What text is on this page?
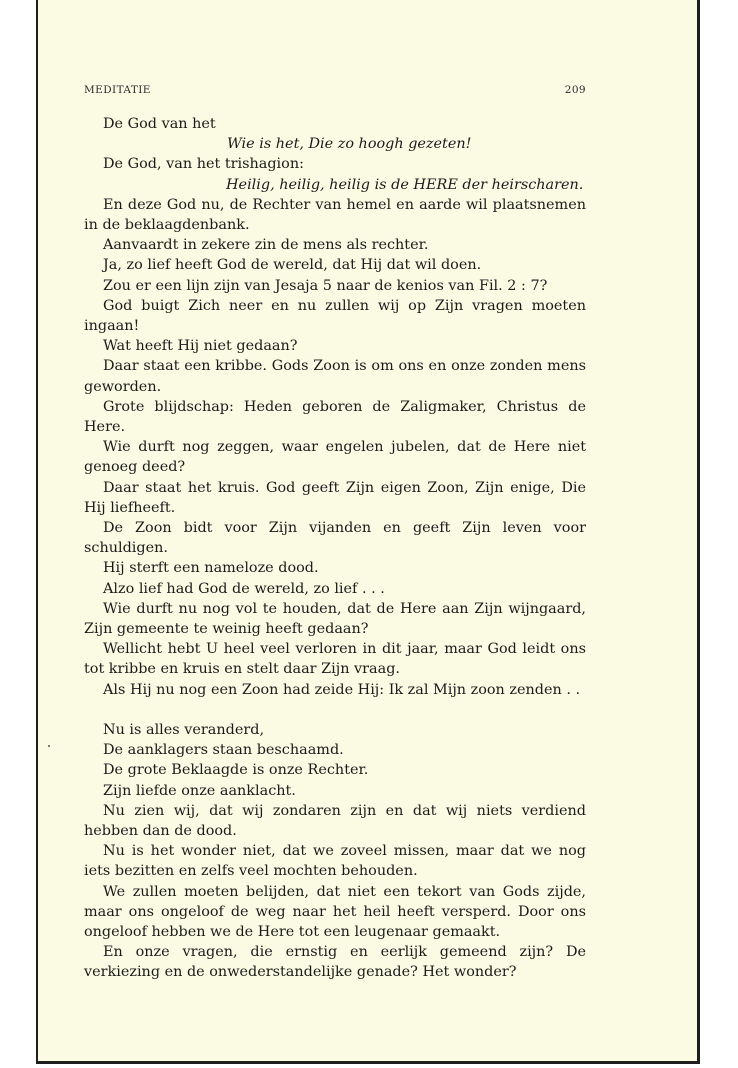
MEDITATIE	209

De God van het

Wie is het, Die zo hoogh gezeten!

De God, van het trishagion:

Heilig, heilig, heilig is de HERE der heirscharen.

En deze God nu, de Rechter van hemel en aarde wil plaatsnemen in de beklaagdenbank.

Aanvaardt in zekere zin de mens als rechter.

Ja, zo lief heeft God de wereld, dat Hij dat wil doen.

Zou er een lijn zijn van Jesaja 5 naar de kenios van Fil. 2 : 7?

God buigt Zich neer en nu zullen wij op Zijn vragen moeten ingaan!

Wat heeft Hij niet gedaan?

Daar staat een kribbe. Gods Zoon is om ons en onze zonden mens geworden.

Grote blijdschap: Heden geboren de Zaligmaker, Christus de Here.

Wie durft nog zeggen, waar engelen jubelen, dat de Here niet genoeg deed?

Daar staat het kruis. God geeft Zijn eigen Zoon, Zijn enige, Die Hij liefheeft.

De Zoon bidt voor Zijn vijanden en geeft Zijn leven voor schuldigen.

Hij sterft een nameloze dood.

Alzo lief had God de wereld, zo lief . . .

Wie durft nu nog vol te houden, dat de Here aan Zijn wijngaard, Zijn gemeente te weinig heeft gedaan?

Wellicht hebt U heel veel verloren in dit jaar, maar God leidt ons tot kribbe en kruis en stelt daar Zijn vraag.

Als Hij nu nog een Zoon had zeide Hij: Ik zal Mijn zoon zenden . .

Nu is alles veranderd,

De aanklagers staan beschaamd.

De grote Beklaagde is onze Rechter.

Zijn liefde onze aanklacht.

Nu zien wij, dat wij zondaren zijn en dat wij niets verdiend hebben dan de dood.

Nu is het wonder niet, dat we zoveel missen, maar dat we nog iets bezitten en zelfs veel mochten behouden.

We zullen moeten belijden, dat niet een tekort van Gods zijde, maar ons ongeloof de weg naar het heil heeft versperd. Door ons ongeloof hebben we de Here tot een leugenaar gemaakt.

En onze vragen, die ernstig en eerlijk gemeend zijn? De verkiezing en de onwederstandelijke genade? Het wonder?
